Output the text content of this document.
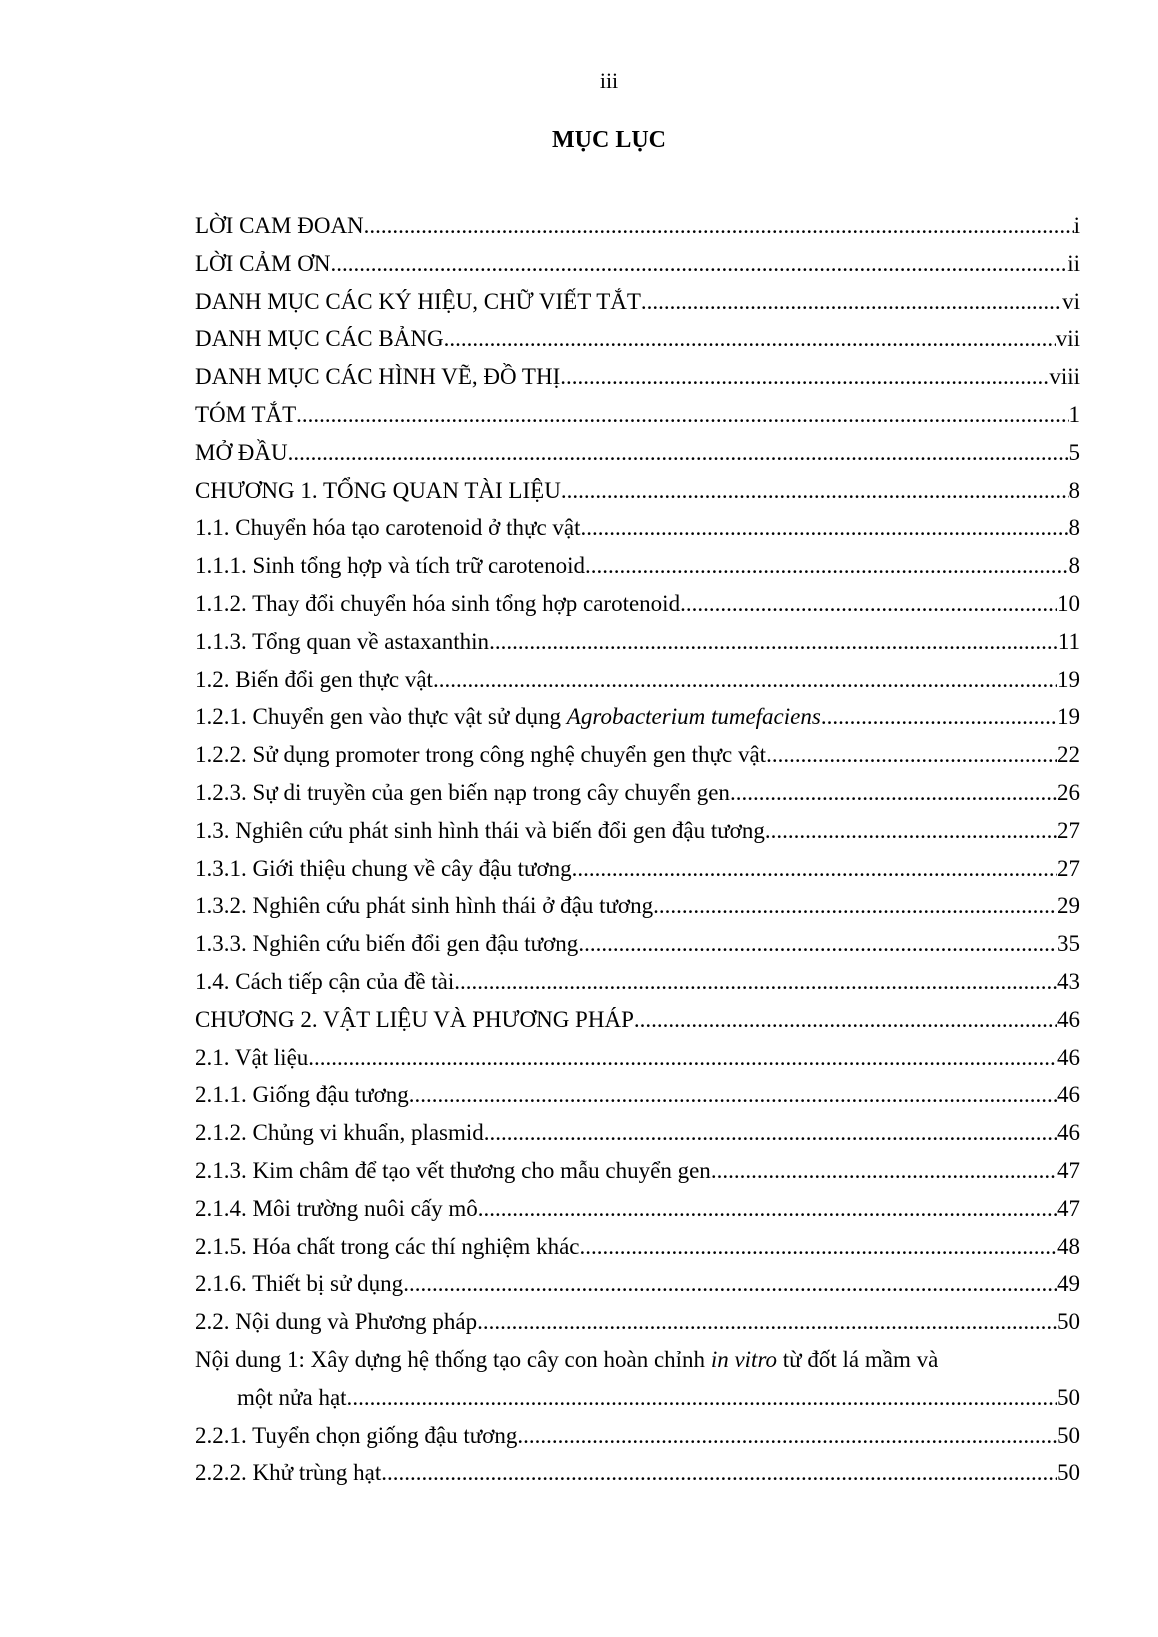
iii
MỤC LỤC
LỜI CAM ĐOAN .....	i
LỜI CẢM ƠN .....	ii
DANH MỤC CÁC KÝ HIỆU, CHỮ VIẾT TẮT .....	vi
DANH MỤC CÁC BẢNG .....	vii
DANH MỤC CÁC HÌNH VẼ, ĐỒ THỊ .....	viii
TÓM TẮT .....	1
MỞ ĐẦU .....	5
CHƯƠNG 1. TỔNG QUAN TÀI LIỆU .....	8
1.1. Chuyển hóa tạo carotenoid ở thực vật .....	8
1.1.1. Sinh tổng hợp và tích trữ carotenoid .....	8
1.1.2. Thay đổi chuyển hóa sinh tổng hợp carotenoid .....	10
1.1.3. Tổng quan về astaxanthin .....	11
1.2. Biến đổi gen thực vật .....	19
1.2.1. Chuyển gen vào thực vật sử dụng Agrobacterium tumefaciens .....	19
1.2.2. Sử dụng promoter trong công nghệ chuyển gen thực vật .....	22
1.2.3. Sự di truyền của gen biến nạp trong cây chuyển gen .....	26
1.3. Nghiên cứu phát sinh hình thái và biến đổi gen đậu tương .....	27
1.3.1. Giới thiệu chung về cây đậu tương .....	27
1.3.2. Nghiên cứu phát sinh hình thái ở đậu tương .....	29
1.3.3. Nghiên cứu biến đổi gen đậu tương .....	35
1.4. Cách tiếp cận của đề tài .....	43
CHƯƠNG 2. VẬT LIỆU VÀ PHƯƠNG PHÁP .....	46
2.1. Vật liệu .....	46
2.1.1. Giống đậu tương .....	46
2.1.2. Chủng vi khuẩn, plasmid .....	46
2.1.3. Kim châm để tạo vết thương cho mẫu chuyển gen .....	47
2.1.4. Môi trường nuôi cấy mô .....	47
2.1.5. Hóa chất trong các thí nghiệm khác .....	48
2.1.6. Thiết bị sử dụng .....	49
2.2. Nội dung và Phương pháp .....	50
Nội dung 1: Xây dựng hệ thống tạo cây con hoàn chỉnh in vitro từ đốt lá mầm và
một nửa hạt. .....	50
2.2.1. Tuyển chọn giống đậu tương .....	50
2.2.2. Khử trùng hạt .....	50
